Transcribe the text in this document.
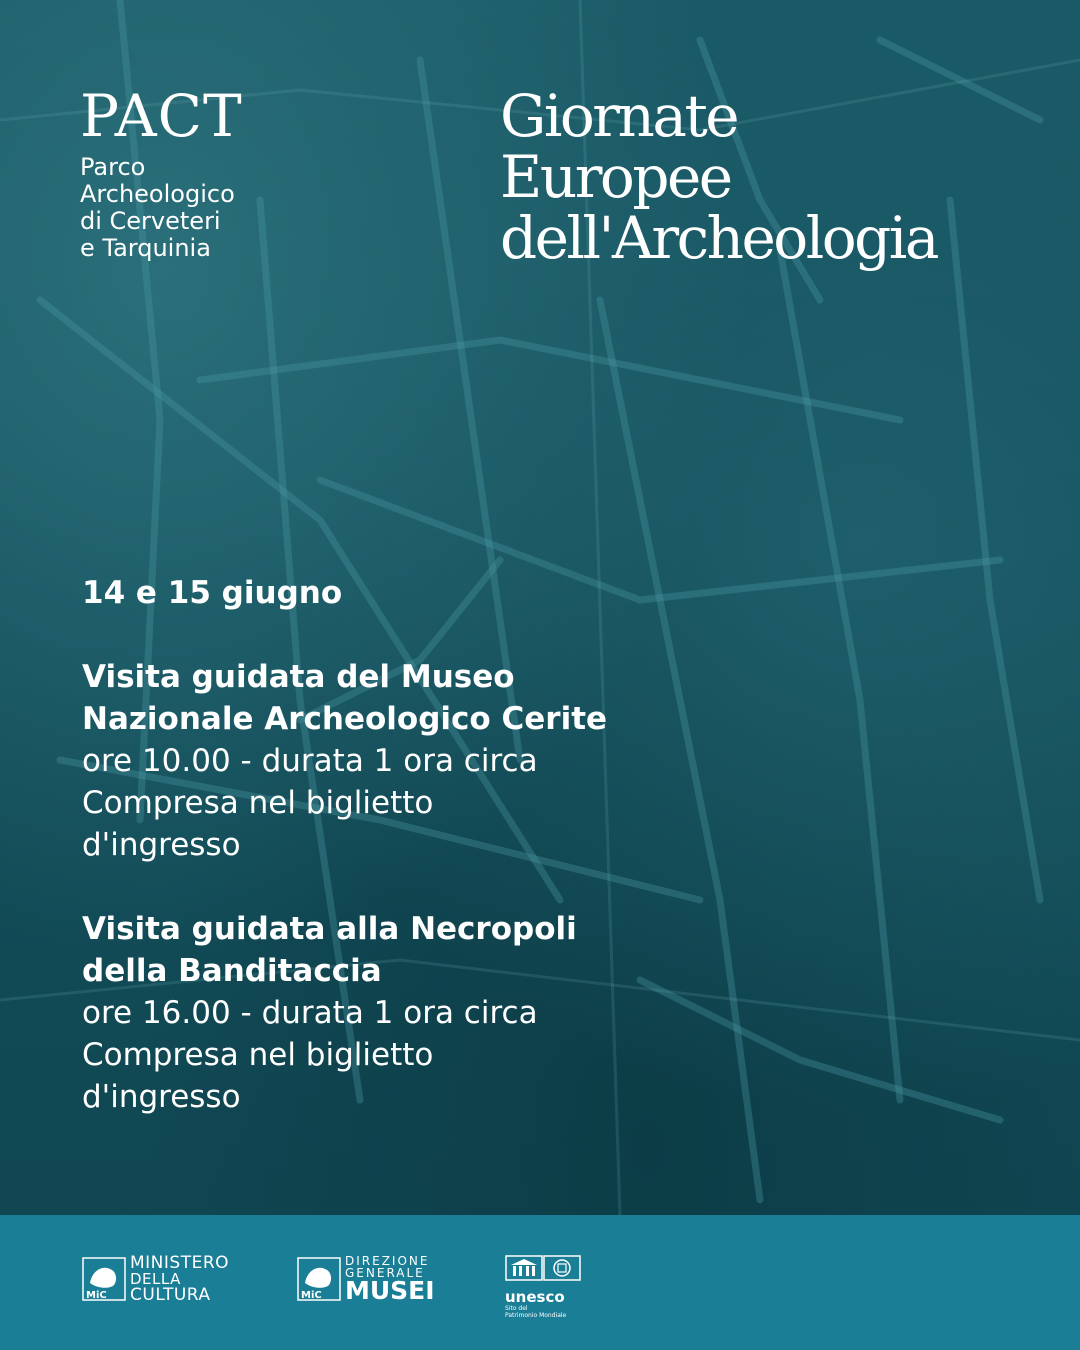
PACT
Parco
Archeologico
di Cerveteri
e Tarquinia
Giornate
Europee
dell'Archeologia
14 e 15 giugno
Visita guidata del Museo
Nazionale Archeologico Cerite
ore 10.00 - durata 1 ora circa
Compresa nel biglietto
d'ingresso
Visita guidata alla Necropoli
della Banditaccia
ore 16.00 - durata 1 ora circa
Compresa nel biglietto
d'ingresso
MiC
MINISTERO
DELLA
CULTURA	MiC
DIREZIONE
GENERALE
MUSEI	unesco
Sito del
Patrimonio Mondiale
